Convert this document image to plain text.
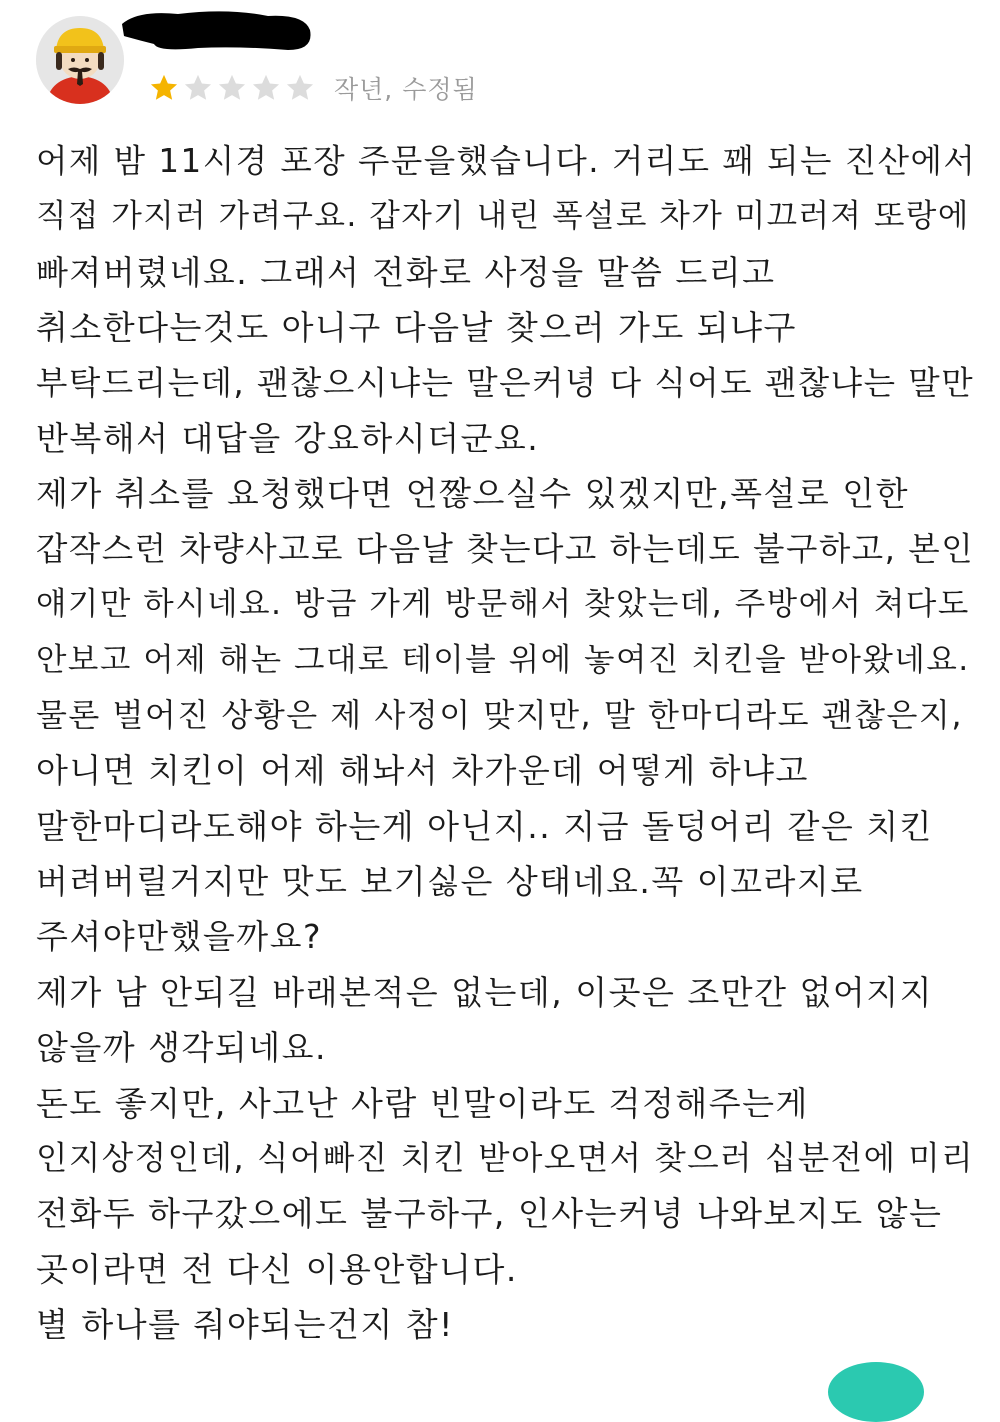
작년, 수정됨
어제 밤 11시경 포장 주문을했습니다. 거리도 꽤 되는 진산에서
직접 가지러 가려구요. 갑자기 내린 폭설로 차가 미끄러져 또랑에
빠져버렸네요. 그래서 전화로 사정을 말씀 드리고
취소한다는것도 아니구 다음날 찾으러 가도 되냐구
부탁드리는데, 괜찮으시냐는 말은커녕 다 식어도 괜찮냐는 말만
반복해서 대답을 강요하시더군요.
제가 취소를 요청했다면 언짢으실수 있겠지만,폭설로 인한
갑작스런 차량사고로 다음날 찾는다고 하는데도 불구하고, 본인
얘기만 하시네요. 방금 가게 방문해서 찾았는데, 주방에서 쳐다도
안보고 어제 해논 그대로 테이블 위에 놓여진 치킨을 받아왔네요.
물론 벌어진 상황은 제 사정이 맞지만, 말 한마디라도 괜찮은지,
아니면 치킨이 어제 해놔서 차가운데 어떻게 하냐고
말한마디라도해야 하는게 아닌지.. 지금 돌덩어리 같은 치킨
버려버릴거지만 맛도 보기싫은 상태네요.꼭 이꼬라지로
주셔야만했을까요?
제가 남 안되길 바래본적은 없는데, 이곳은 조만간 없어지지
않을까 생각되네요.
돈도 좋지만, 사고난 사람 빈말이라도 걱정해주는게
인지상정인데, 식어빠진 치킨 받아오면서 찾으러 십분전에 미리
전화두 하구갔으에도 불구하구, 인사는커녕 나와보지도 않는
곳이라면 전 다신 이용안합니다.
별 하나를 줘야되는건지 참!
